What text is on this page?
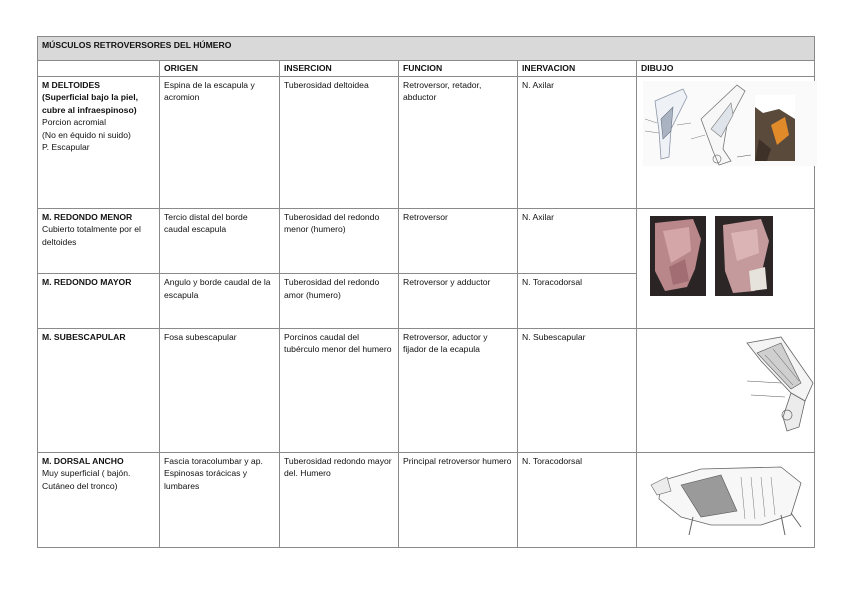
MÚSCULOS RETROVERSORES DEL HÚMERO					
	ORIGEN	INSERCION	FUNCION	INERVACION	DIBUJO

M DELTOIDES
(Superficial bajo la piel, cubre al infraespinoso)
Porcion acromial
(No en équido ni suido)
P. Escapular	Espina de la escapula y acromion	Tuberosidad deltoidea	Retroversor, retador, abductor	N. Axilar	

M. REDONDO MENOR
Cubierto totalmente por el deltoides	Tercio distal del borde caudal escapula	Tuberosidad del redondo menor (humero)	Retroversor	N. Axilar	

M. REDONDO MAYOR	Angulo y borde caudal de la escapula	Tuberosidad del redondo amor (humero)	Retroversor y adductor	N. Toracodorsal	

M. SUBESCAPULAR	Fosa subescapular	Porcinos caudal del tubérculo menor del humero	Retroversor, aductor y fijador de la ecapula	N. Subescapular	

M. DORSAL ANCHO
Muy superficial ( bajón. Cutáneo del tronco)	Fascia toracolumbar y ap. Espinosas torácicas y lumbares	Tuberosidad redondo mayor del. Humero	Principal retroversor humero	N. Toracodorsal	
